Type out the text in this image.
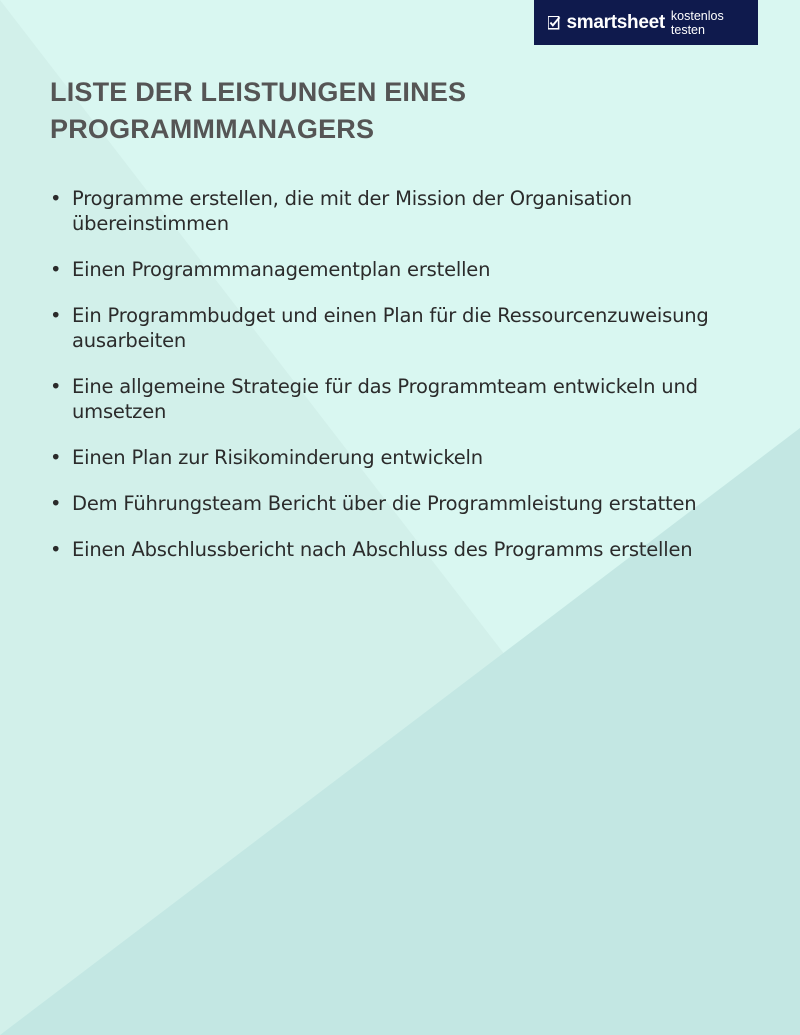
smartsheet kostenlos testen
LISTE DER LEISTUNGEN EINES PROGRAMMMANAGERS
• Programme erstellen, die mit der Mission der Organisation übereinstimmen
• Einen Programmmanagementplan erstellen
• Ein Programmbudget und einen Plan für die Ressourcenzuweisung ausarbeiten
• Eine allgemeine Strategie für das Programmteam entwickeln und umsetzen
• Einen Plan zur Risikominderung entwickeln
• Dem Führungsteam Bericht über die Programmleistung erstatten
• Einen Abschlussbericht nach Abschluss des Programms erstellen
